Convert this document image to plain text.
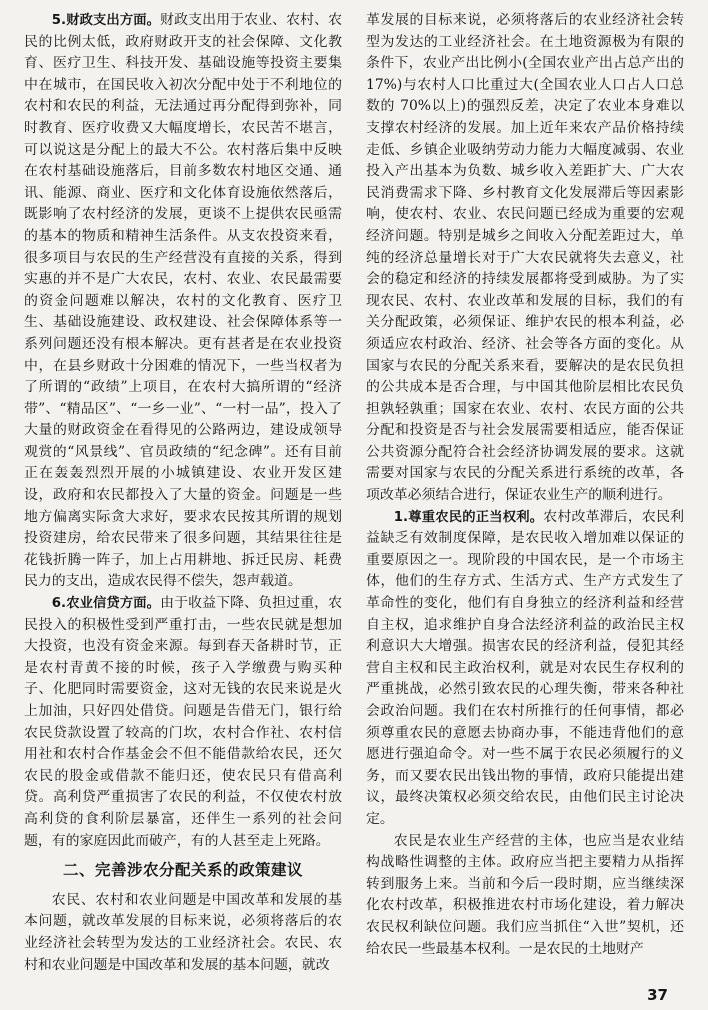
5.财政支出方面。财政支出用于农业、农村、农民的比例太低，政府财政开支的社会保障、文化教育、医疗卫生、科技开发、基础设施等投资主要集中在城市，在国民收入初次分配中处于不利地位的农村和农民的利益，无法通过再分配得到弥补，同时教育、医疗收费又大幅度增长，农民苦不堪言，可以说这是分配上的最大不公。农村落后集中反映在农村基础设施落后，目前多数农村地区交通、通讯、能源、商业、医疗和文化体育设施依然落后，既影响了农村经济的发展，更谈不上提供农民亟需的基本的物质和精神生活条件。从支农投资来看，很多项目与农民的生产经营没有直接的关系，得到实惠的并不是广大农民，农村、农业、农民最需要的资金问题难以解决，农村的文化教育、医疗卫生、基础设施建设、政权建设、社会保障体系等一系列问题还没有根本解决。更有甚者是在农业投资中，在县乡财政十分困难的情况下，一些当权者为了所谓的“政绩”上项目，在农村大搞所谓的“经济带”、“精品区”、“一乡一业”、“一村一品”，投入了大量的财政资金在看得见的公路两边，建设成领导观赏的“风景线”、官员政绩的“纪念碑”。还有目前正在轰轰烈烈开展的小城镇建设、农业开发区建设，政府和农民都投入了大量的资金。问题是一些地方偏离实际贪大求好，要求农民按其所谓的规划投资建房，给农民带来了很多问题，其结果往往是花钱折腾一阵子，加上占用耕地、拆迁民房、耗费民力的支出，造成农民得不偿失，怨声载道。

6.农业信贷方面。由于收益下降、负担过重，农民投入的积极性受到严重打击，一些农民就是想加大投资，也没有资金来源。每到春天备耕时节，正是农村青黄不接的时候，孩子入学缴费与购买种子、化肥同时需要资金，这对无钱的农民来说是火上加油，只好四处借贷。问题是告借无门，银行给农民贷款设置了较高的门坎，农村合作社、农村信用社和农村合作基金会不但不能借款给农民，还欠农民的股金或借款不能归还，使农民只有借高利贷。高利贷严重损害了农民的利益，不仅使农村放高利贷的食利阶层暴富，还伴生一系列的社会问题，有的家庭因此而破产，有的人甚至走上死路。

二、完善涉农分配关系的政策建议

农民、农村和农业问题是中国改革和发展的基本问题，就改革发展的目标来说，必须将落后的农业经济社会转型为发达的工业经济社会。农民、农村和农业问题是中国改革和发展的基本问题，就改

革发展的目标来说，必须将落后的农业经济社会转型为发达的工业经济社会。在土地资源极为有限的条件下，农业产出比例小(全国农业产出占总产出的 17%)与农村人口比重过大(全国农业人口占人口总数的 70%以上)的强烈反差，决定了农业本身难以支撑农村经济的发展。加上近年来农产品价格持续走低、乡镇企业吸纳劳动力能力大幅度减弱、农业投入产出基本为负数、城乡收入差距扩大、广大农民消费需求下降、乡村教育文化发展滞后等因素影响，使农村、农业、农民问题已经成为重要的宏观经济问题。特别是城乡之间收入分配差距过大，单纯的经济总量增长对于广大农民就将失去意义，社会的稳定和经济的持续发展都将受到威胁。为了实现农民、农村、农业改革和发展的目标，我们的有关分配政策，必须保证、维护农民的根本利益，必须适应农村政治、经济、社会等各方面的变化。从国家与农民的分配关系来看，要解决的是农民负担的公共成本是否合理，与中国其他阶层相比农民负担孰轻孰重；国家在农业、农村、农民方面的公共分配和投资是否与社会发展需要相适应，能否保证公共资源分配符合社会经济协调发展的要求。这就需要对国家与农民的分配关系进行系统的改革，各项改革必须结合进行，保证农业生产的顺利进行。

1.尊重农民的正当权利。农村改革滞后，农民利益缺乏有效制度保障，是农民收入增加难以保证的重要原因之一。现阶段的中国农民，是一个市场主体，他们的生存方式、生活方式、生产方式发生了革命性的变化，他们有自身独立的经济利益和经营自主权，追求维护自身合法经济利益的政治民主权利意识大大增强。损害农民的经济利益，侵犯其经营自主权和民主政治权利，就是对农民生存权利的严重挑战，必然引致农民的心理失衡，带来各种社会政治问题。我们在农村所推行的任何事情，都必须尊重农民的意愿去协商办事，不能违背他们的意愿进行强迫命令。对一些不属于农民必须履行的义务，而又要农民出钱出物的事情，政府只能提出建议，最终决策权必须交给农民，由他们民主讨论决定。

农民是农业生产经营的主体，也应当是农业结构战略性调整的主体。政府应当把主要精力从指挥转到服务上来。当前和今后一段时期，应当继续深化农村改革，积极推进农村市场化建设，着力解决农民权利缺位问题。我们应当抓住“入世”契机，还给农民一些最基本权利。一是农民的土地财产

37
